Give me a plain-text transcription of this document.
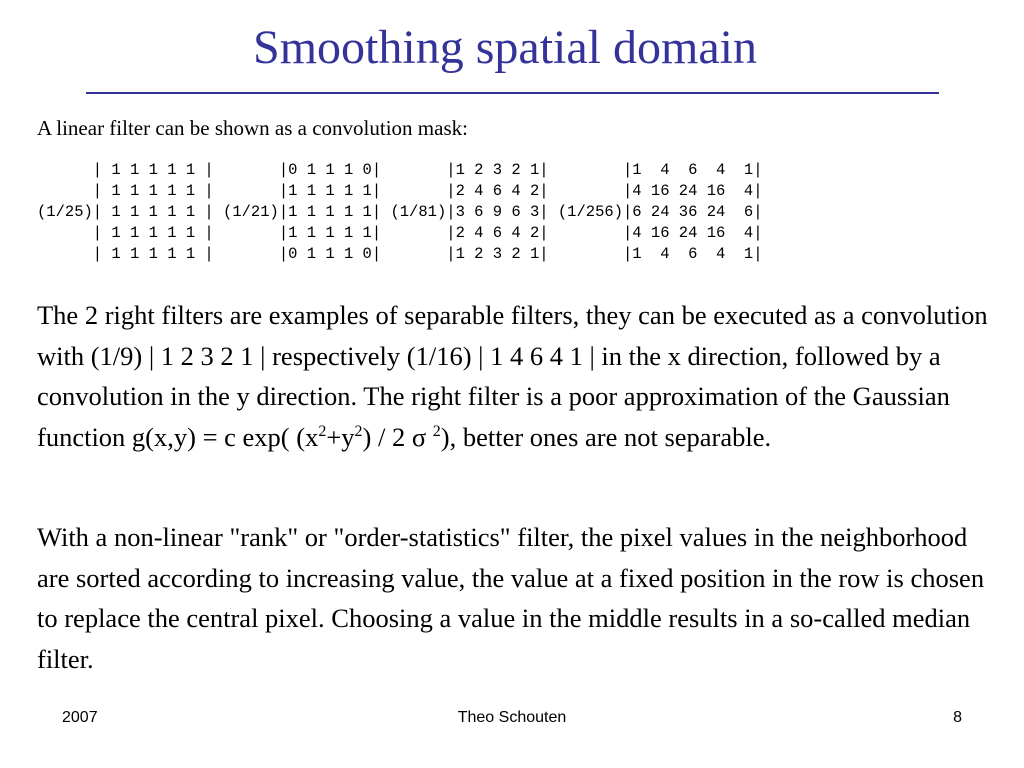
Smoothing spatial domain
A linear filter can be shown as a convolution mask:
| 1 1 1 1 1 |       |0 1 1 1 0|       |1 2 3 2 1|        |1  4  6  4  1|
| 1 1 1 1 1 |       |1 1 1 1 1|       |2 4 6 4 2|        |4 16 24 16  4|
(1/25)| 1 1 1 1 1 | (1/21)|1 1 1 1 1| (1/81)|3 6 9 6 3| (1/256)|6 24 36 24  6|
| 1 1 1 1 1 |       |1 1 1 1 1|       |2 4 6 4 2|        |4 16 24 16  4|
| 1 1 1 1 1 |       |0 1 1 1 0|       |1 2 3 2 1|        |1  4  6  4  1|

The 2 right filters are examples of separable filters, they can be executed as a convolution with (1/9) | 1 2 3 2 1 | respectively (1/16) | 1 4 6 4 1 | in the x direction, followed by a convolution in the y direction. The right filter is a poor approximation of the Gaussian function g(x,y) = c exp( $(x^2+y^2) / 2$ σ $^2$), better ones are not separable.

With a non-linear "rank" or "order-statistics" filter, the pixel values in the neighborhood are sorted according to increasing value, the value at a fixed position in the row is chosen to replace the central pixel. Choosing a value in the middle results in a so-called median filter.

2007	Theo Schouten	8
